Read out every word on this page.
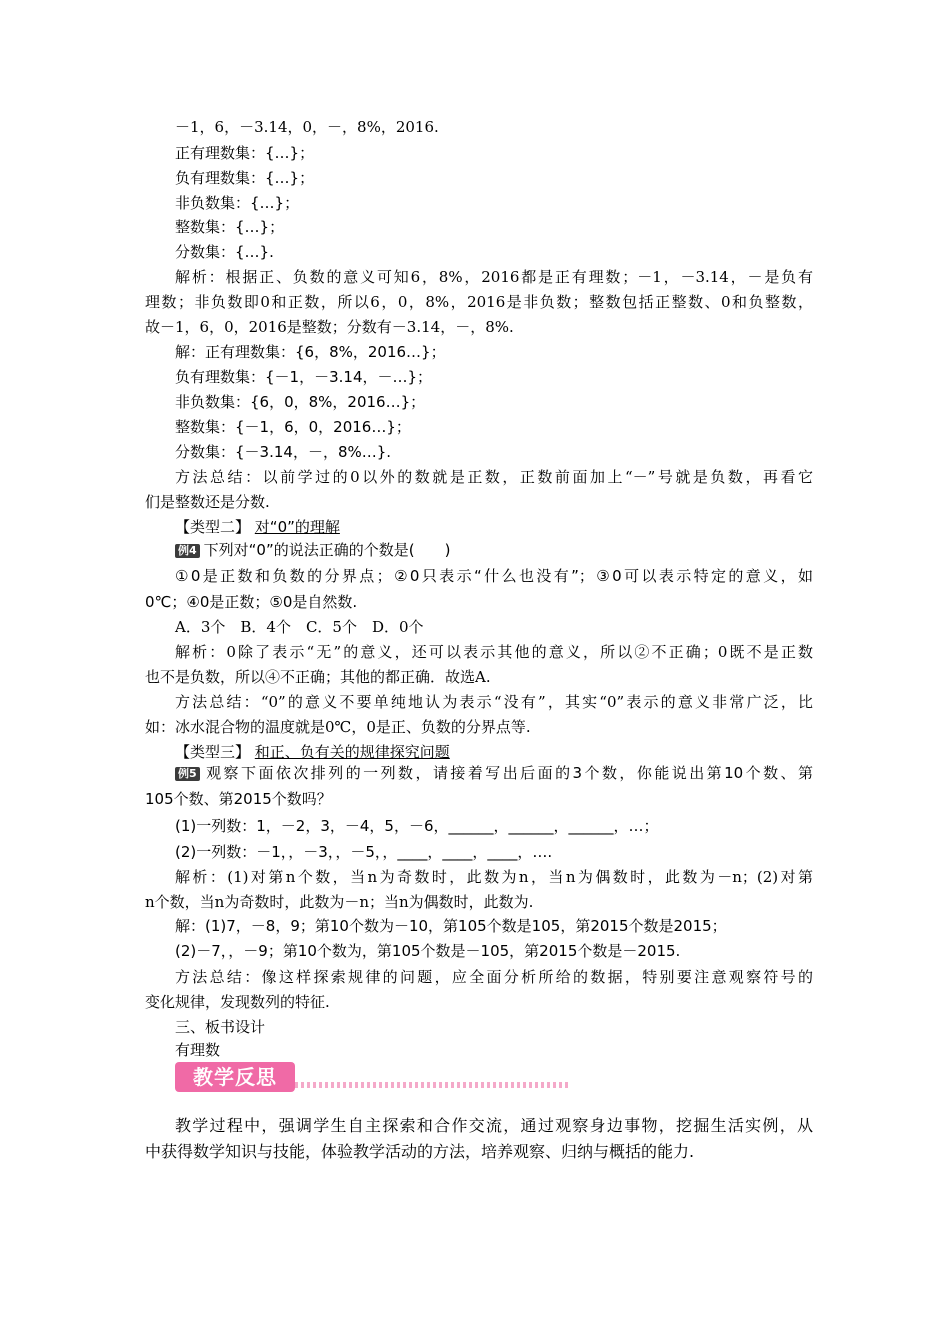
－1，6，－3.14，0，－，8%，2016.
正有理数集：{…}；
负有理数集：{…}；
非负数集：{…}；
整数集：{…}；
分数集：{…}.
解析：根据正、负数的意义可知6，8%，2016都是正有理数；－1，－3.14，－是负有
理数；非负数即0和正数，所以6，0，8%，2016是非负数；整数包括正整数、0和负整数，
故－1，6，0，2016是整数；分数有－3.14，－，8%.
解：正有理数集：{6，8%，2016…}；
负有理数集：{－1，－3.14，－…}；
非负数集：{6，0，8%，2016…}；
整数集：{－1，6，0，2016…}；
分数集：{－3.14，－，8%…}.
方法总结：以前学过的0以外的数就是正数，正数前面加上“－”号就是负数，再看它
们是整数还是分数.
【类型二】 对“0”的理解
例4 下列对“0”的说法正确的个数是(　　)
①0是正数和负数的分界点；②0只表示“什么也没有”；③0可以表示特定的意义，如
0℃；④0是正数；⑤0是自然数.
A．3个　B．4个　C．5个　D．0个
解析：0除了表示“无”的意义，还可以表示其他的意义，所以②不正确；0既不是正数
也不是负数，所以④不正确；其他的都正确．故选A.
方法总结：“0”的意义不要单纯地认为表示“没有”，其实“0”表示的意义非常广泛，比
如：冰水混合物的温度就是0℃，0是正、负数的分界点等.
【类型三】 和正、负有关的规律探究问题
例5 观察下面依次排列的一列数，请接着写出后面的3个数，你能说出第10个数、第
105个数、第2015个数吗？
(1)一列数：1，－2，3，－4，5，－6，______，______，______，…；
(2)一列数：－1，，－3，，－5，，____，____，____，….
解析：(1)对第n个数，当n为奇数时，此数为n，当n为偶数时，此数为－n；(2)对第
n个数，当n为奇数时，此数为－n；当n为偶数时，此数为.
解：(1)7，－8，9；第10个数为－10，第105个数是105，第2015个数是2015；
(2)－7，，－9；第10个数为，第105个数是－105，第2015个数是－2015.
方法总结：像这样探索规律的问题，应全面分析所给的数据，特别要注意观察符号的
变化规律，发现数列的特征.
三、板书设计
有理数
教学反思
教学过程中，强调学生自主探索和合作交流，通过观察身边事物，挖掘生活实例，从
中获得数学知识与技能，体验教学活动的方法，培养观察、归纳与概括的能力.
